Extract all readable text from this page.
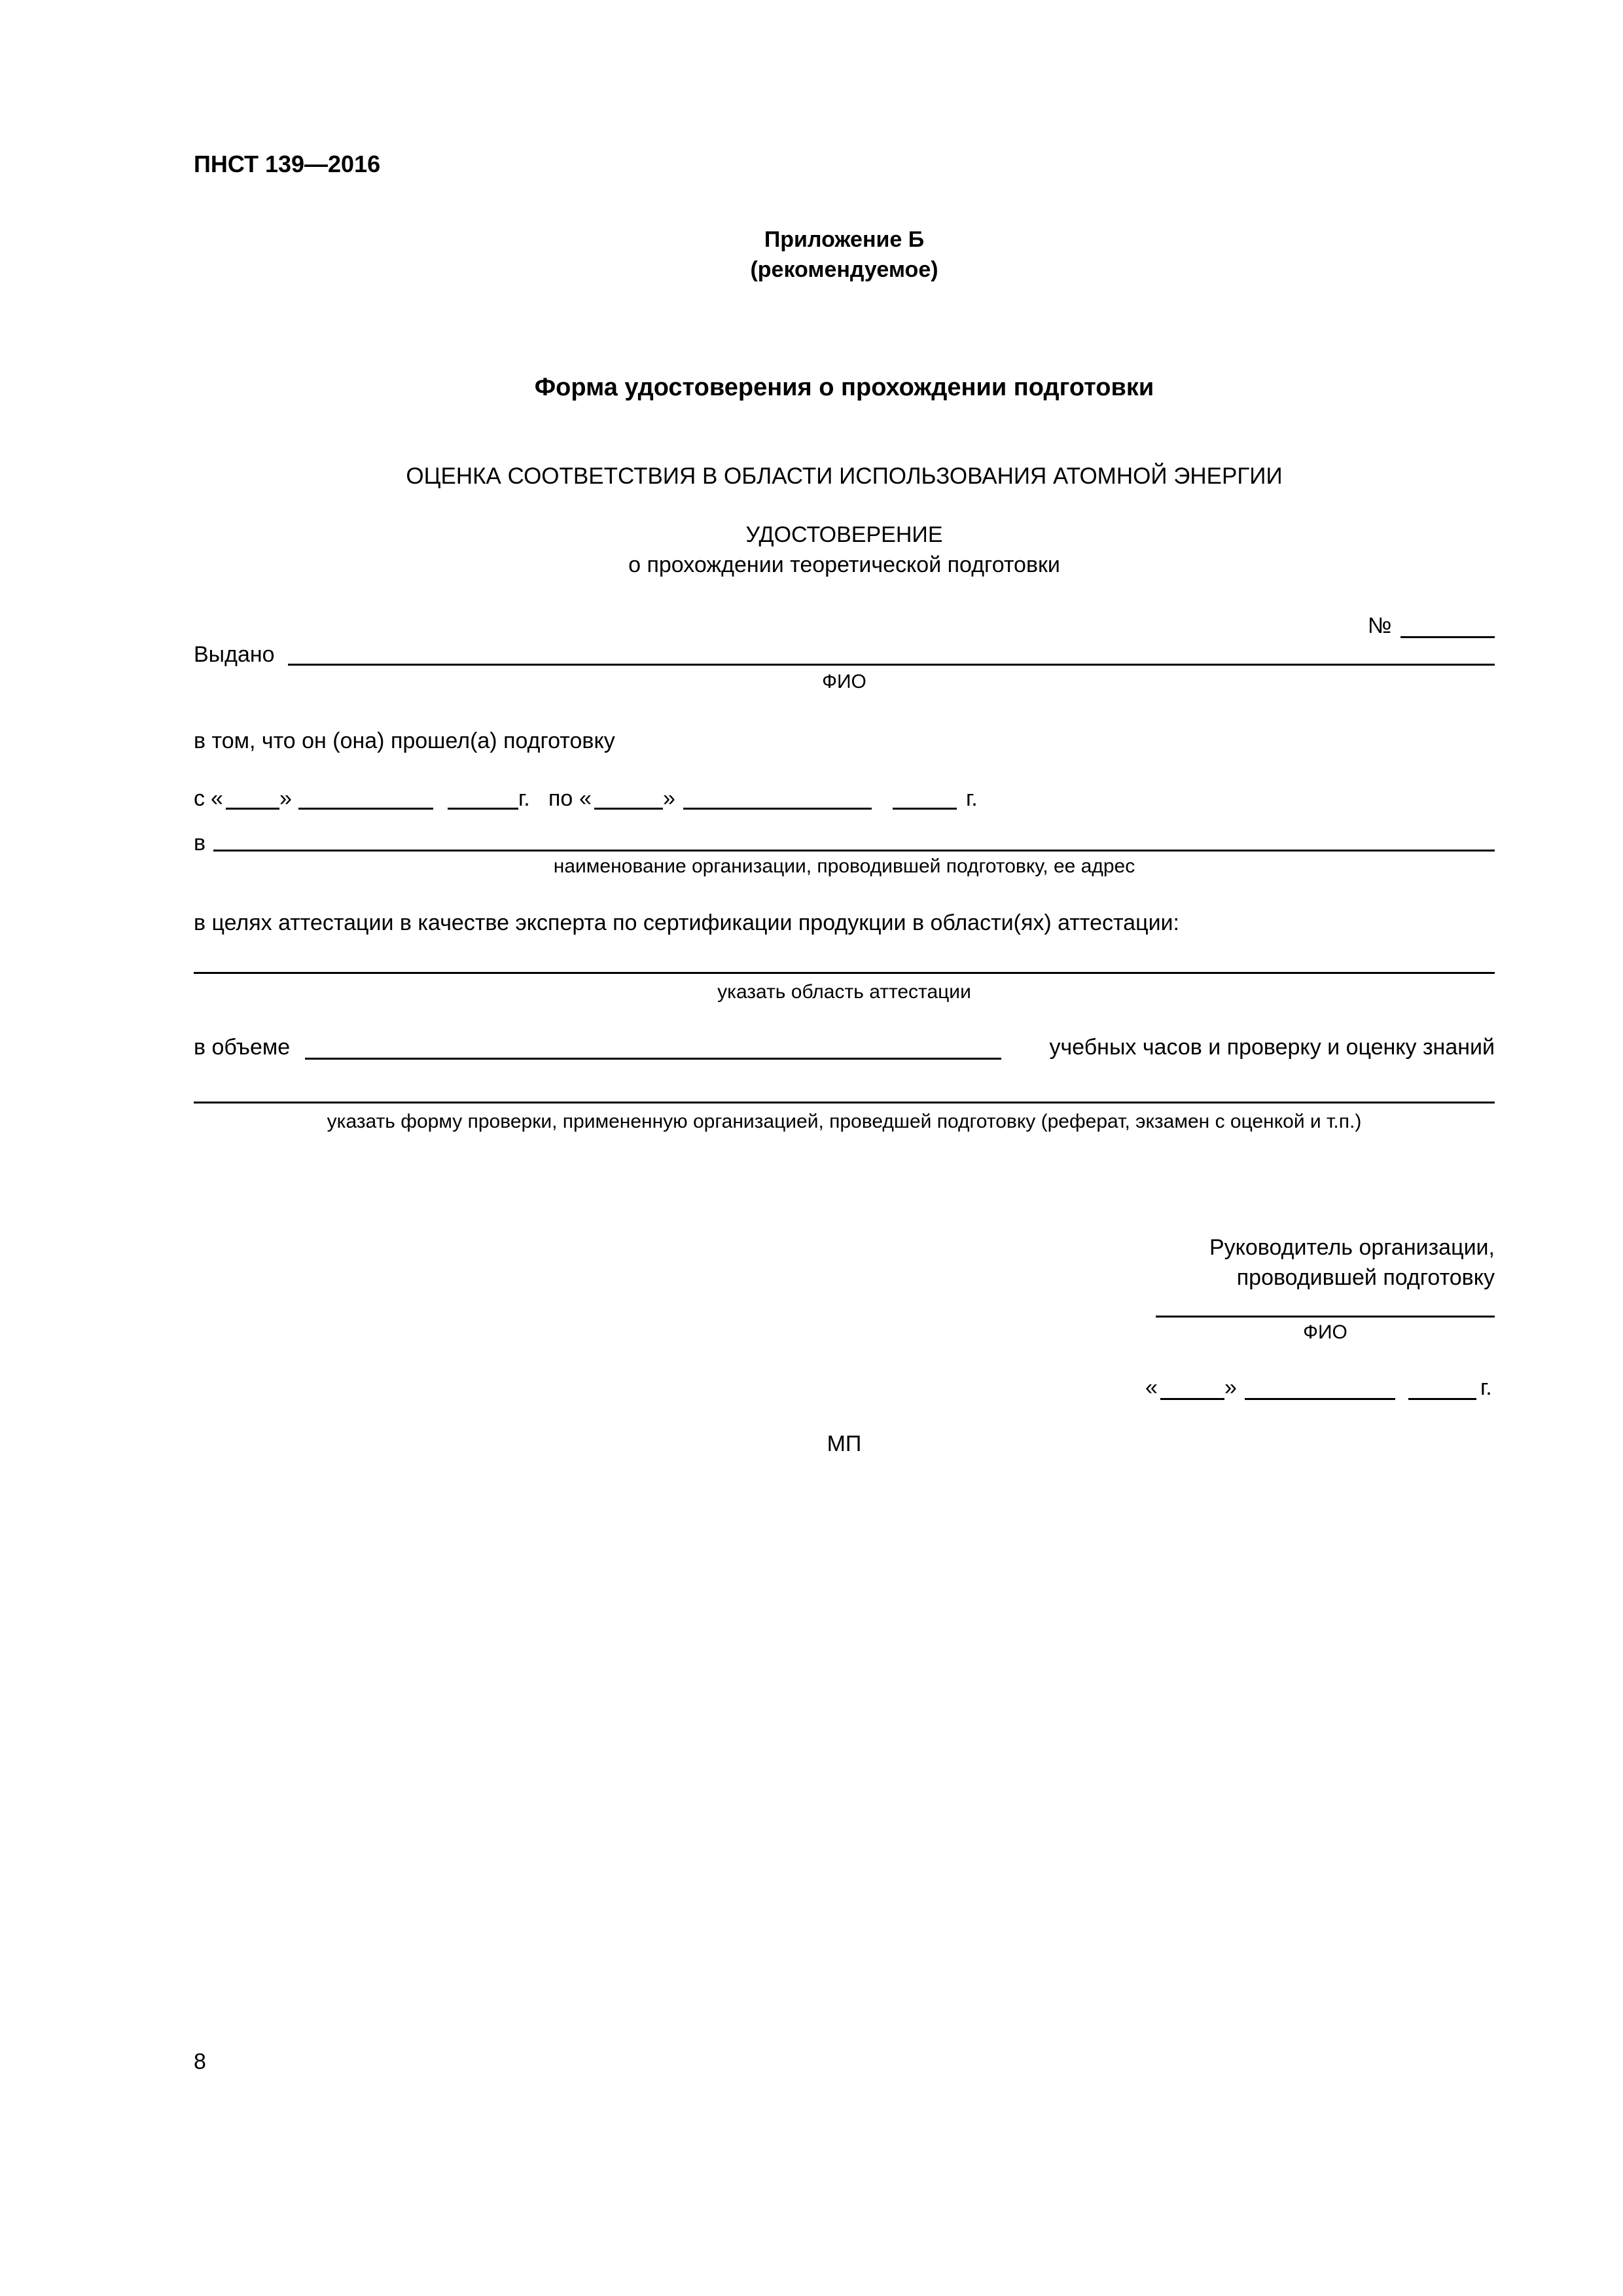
ПНСТ 139—2016
Приложение Б
(рекомендуемое)
Форма удостоверения о прохождении подготовки
ОЦЕНКА СООТВЕТСТВИЯ В ОБЛАСТИ ИСПОЛЬЗОВАНИЯ АТОМНОЙ ЭНЕРГИИ
УДОСТОВЕРЕНИЕ
о прохождении теоретической подготовки
№
Выдано
ФИО
в том, что он (она) прошел(а) подготовку
с «	»	г. по «	»	г.
в
наименование организации, проводившей подготовку, ее адрес
в целях аттестации в качестве эксперта по сертификации продукции в области(ях) аттестации:
указать область аттестации
в объеме	учебных часов и проверку и оценку знаний
указать форму проверки, примененную организацией, проведшей подготовку (реферат, экзамен с оценкой и т.п.)
Руководитель организации,
проводившей подготовку
ФИО
«	»	г.
МП
8
